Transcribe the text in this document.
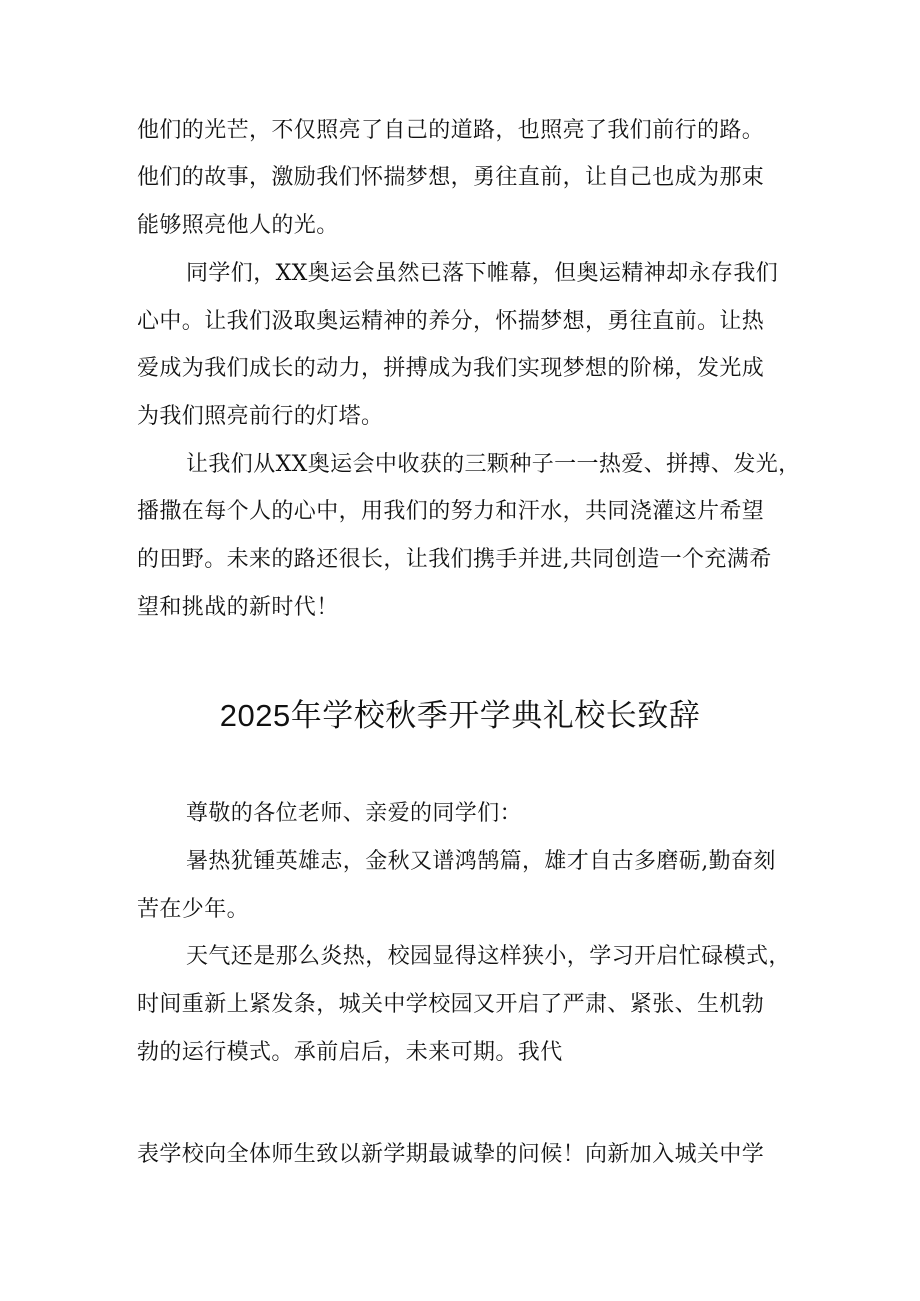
他们的光芒，不仅照亮了自己的道路，也照亮了我们前行的路。
他们的故事，激励我们怀揣梦想，勇往直前，让自己也成为那束
能够照亮他人的光。
同学们，XX奥运会虽然已落下帷幕，但奥运精神却永存我们
心中。让我们汲取奥运精神的养分，怀揣梦想，勇往直前。让热
爱成为我们成长的动力，拼搏成为我们实现梦想的阶梯，发光成
为我们照亮前行的灯塔。
让我们从XX奥运会中收获的三颗种子一一热爱、拼搏、发光，
播撒在每个人的心中，用我们的努力和汗水，共同浇灌这片希望
的田野。未来的路还很长，让我们携手并进,共同创造一个充满希
望和挑战的新时代！
2025年学校秋季开学典礼校长致辞
尊敬的各位老师、亲爱的同学们：
暑热犹锺英雄志，金秋又谱鸿鹄篇，雄才自古多磨砺,勤奋刻
苦在少年。
天气还是那么炎热，校园显得这样狭小，学习开启忙碌模式，
时间重新上紧发条，城关中学校园又开启了严肃、紧张、生机勃
勃的运行模式。承前启后，未来可期。我代
表学校向全体师生致以新学期最诚挚的问候！向新加入城关中学
